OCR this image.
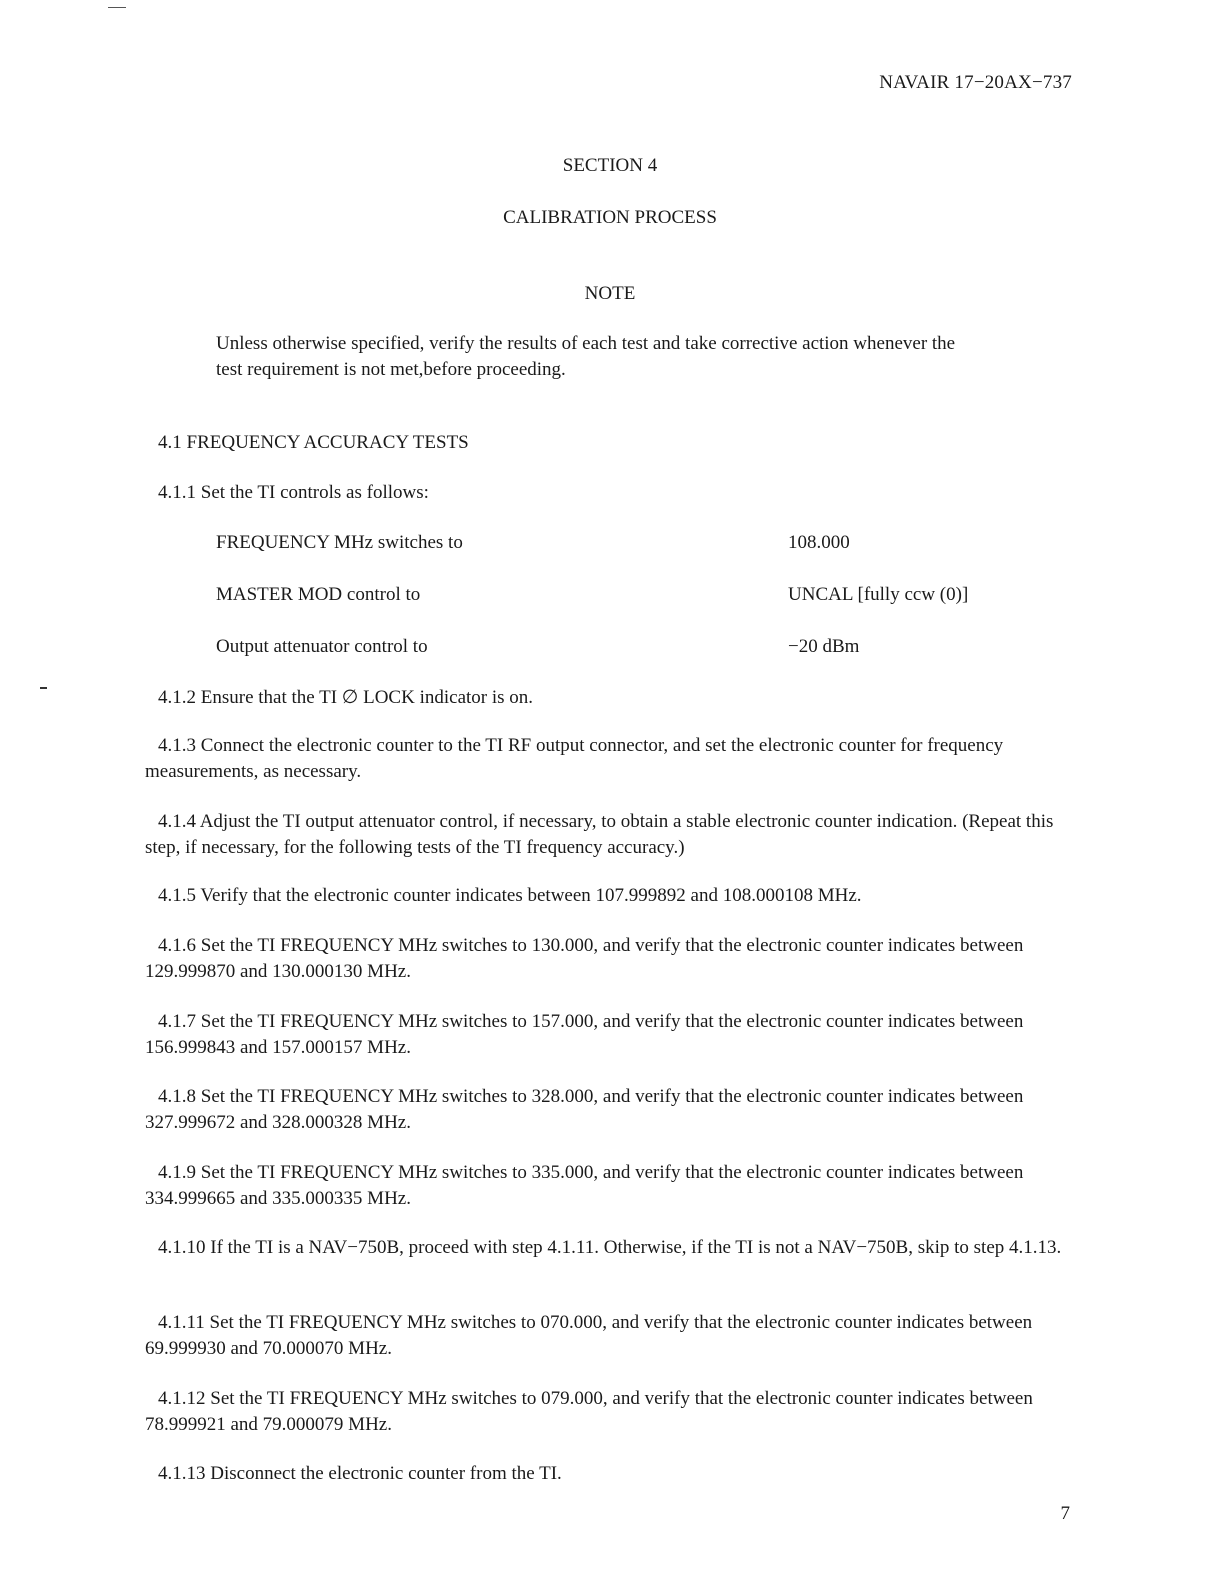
NAVAIR 17−20AX−737
SECTION 4
CALIBRATION PROCESS
NOTE
Unless otherwise specified, verify the results of each test and take corrective action whenever the test requirement is not met,before proceeding.
4.1 FREQUENCY ACCURACY TESTS
4.1.1 Set the TI controls as follows:
FREQUENCY MHz switches to	108.000
MASTER MOD control to	UNCAL [fully ccw (0)]
Output attenuator control to	−20 dBm
4.1.2 Ensure that the TI ∅ LOCK indicator is on.
4.1.3 Connect the electronic counter to the TI RF output connector, and set the electronic counter for frequency measurements, as necessary.
4.1.4 Adjust the TI output attenuator control, if necessary, to obtain a stable electronic counter indication. (Repeat this step, if necessary, for the following tests of the TI frequency accuracy.)
4.1.5 Verify that the electronic counter indicates between 107.999892 and 108.000108 MHz.
4.1.6 Set the TI FREQUENCY MHz switches to 130.000, and verify that the electronic counter indicates between 129.999870 and 130.000130 MHz.
4.1.7 Set the TI FREQUENCY MHz switches to 157.000, and verify that the electronic counter indicates between 156.999843 and 157.000157 MHz.
4.1.8 Set the TI FREQUENCY MHz switches to 328.000, and verify that the electronic counter indicates between 327.999672 and 328.000328 MHz.
4.1.9 Set the TI FREQUENCY MHz switches to 335.000, and verify that the electronic counter indicates between 334.999665 and 335.000335 MHz.
4.1.10 If the TI is a NAV−750B, proceed with step 4.1.11. Otherwise, if the TI is not a NAV−750B, skip to step 4.1.13.
4.1.11 Set the TI FREQUENCY MHz switches to 070.000, and verify that the electronic counter indicates between 69.999930 and 70.000070 MHz.
4.1.12 Set the TI FREQUENCY MHz switches to 079.000, and verify that the electronic counter indicates between 78.999921 and 79.000079 MHz.
4.1.13 Disconnect the electronic counter from the TI.
7
